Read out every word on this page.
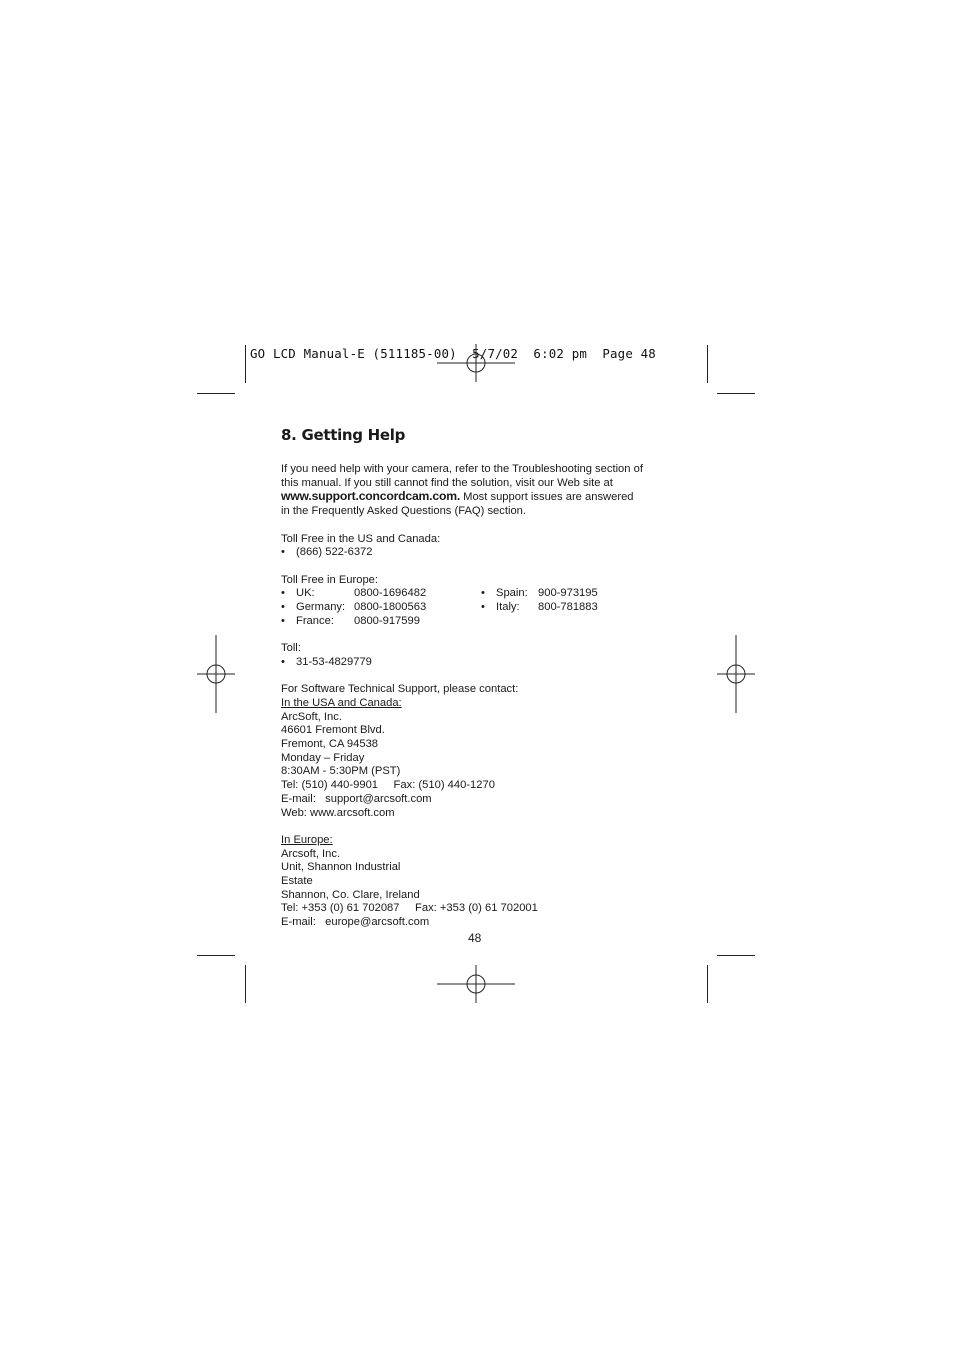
GO LCD Manual-E (511185-00)  5/7/02  6:02 pm  Page 48
8. Getting Help

If you need help with your camera, refer to the Troubleshooting section of

this manual. If you still cannot find the solution, visit our Web site at

www.support.concordcam.com. Most support issues are answered

in the Frequently Asked Questions (FAQ) section.

Toll Free in the US and Canada:

• (866) 522-6372

Toll Free in Europe:

• UK:	0800-1696482
• Germany: 0800-1800563
• France:	0800-917599
• Spain: 900-973195
• Italy:	800-781883

Toll:

• 31-53-4829779

For Software Technical Support, please contact:

In the USA and Canada:

ArcSoft, Inc.

46601 Fremont Blvd.

Fremont, CA 94538

Monday – Friday

8:30AM - 5:30PM (PST)

Tel: (510) 440-9901     Fax: (510) 440-1270

E-mail:   support@arcsoft.com

Web: www.arcsoft.com

In Europe:

Arcsoft, Inc.

Unit, Shannon Industrial

Estate

Shannon, Co. Clare, Ireland

Tel: +353 (0) 61 702087     Fax: +353 (0) 61 702001

E-mail:   europe@arcsoft.com

48
